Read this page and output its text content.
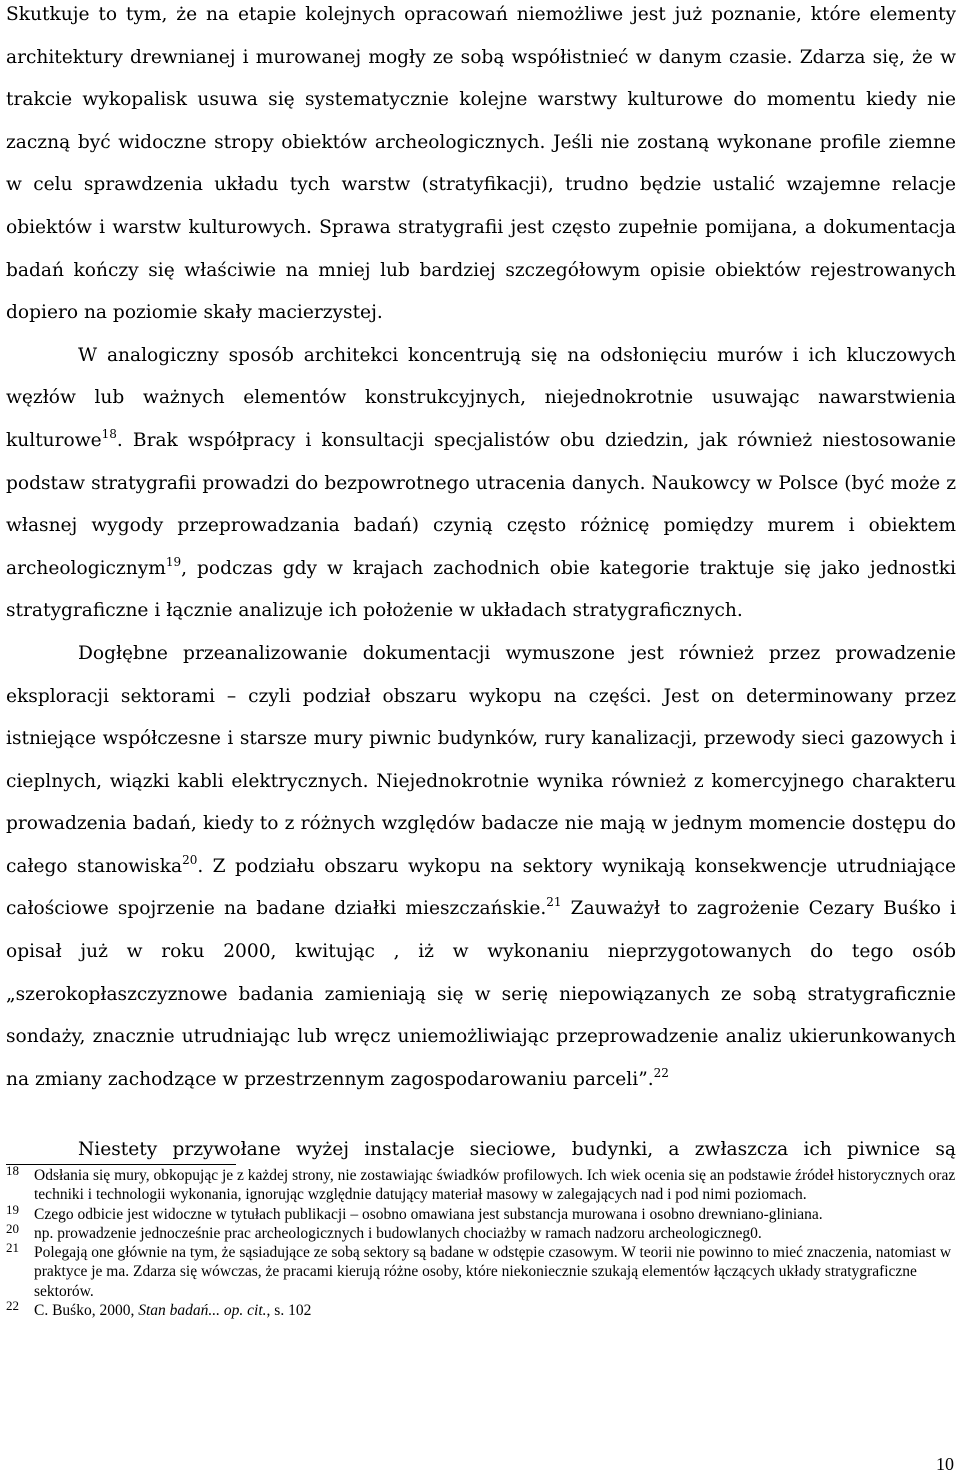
Skutkuje to tym, że na etapie kolejnych opracowań niemożliwe jest już poznanie, które elementy architektury drewnianej i murowanej mogły ze sobą współistnieć w danym czasie. Zdarza się, że w trakcie wykopalisk usuwa się systematycznie kolejne warstwy kulturowe do momentu kiedy nie zaczną być widoczne stropy obiektów archeologicznych. Jeśli nie zostaną wykonane profile ziemne w celu sprawdzenia układu tych warstw (stratyfikacji), trudno będzie ustalić wzajemne relacje obiektów i warstw kulturowych. Sprawa stratygrafii jest często zupełnie pomijana, a dokumentacja badań kończy się właściwie na mniej lub bardziej szczegółowym opisie obiektów rejestrowanych dopiero na poziomie skały macierzystej.

W analogiczny sposób architekci koncentrują się na odsłonięciu murów i ich kluczowych węzłów lub ważnych elementów konstrukcyjnych, niejednokrotnie usuwając nawarstwienia kulturowe$^{18}$. Brak współpracy i konsultacji specjalistów obu dziedzin, jak również niestosowanie podstaw stratygrafii prowadzi do bezpowrotnego utracenia danych. Naukowcy w Polsce (być może z własnej wygody przeprowadzania badań) czynią często różnicę pomiędzy murem i obiektem archeologicznym$^{19}$, podczas gdy w krajach zachodnich obie kategorie traktuje się jako jednostki stratygraficzne i łącznie analizuje ich położenie w układach stratygraficznych.

Dogłębne przeanalizowanie dokumentacji wymuszone jest również przez prowadzenie eksploracji sektorami – czyli podział obszaru wykopu na części. Jest on determinowany przez istniejące współczesne i starsze mury piwnic budynków, rury kanalizacji, przewody sieci gazowych i cieplnych, wiązki kabli elektrycznych. Niejednokrotnie wynika również z komercyjnego charakteru prowadzenia badań, kiedy to z różnych względów badacze nie mają w jednym momencie dostępu do całego stanowiska$^{20}$. Z podziału obszaru wykopu na sektory wynikają konsekwencje utrudniające całościowe spojrzenie na badane działki mieszczańskie.$^{21}$ Zauważył to zagrożenie Cezary Buśko i opisał już w roku 2000, kwitując , iż w wykonaniu nieprzygotowanych do tego osób „szerokopłaszczyznowe badania zamieniają się w serię niepowiązanych ze sobą stratygraficznie sondaży, znacznie utrudniając lub wręcz uniemożliwiając przeprowadzenie analiz ukierunkowanych na zmiany zachodzące w przestrzennym zagospodarowaniu parceli”.$^{22}$

Niestety przywołane wyżej instalacje sieciowe, budynki, a zwłaszcza ich piwnice są
18 Odsłania się mury, obkopując je z każdej strony, nie zostawiając świadków profilowych. Ich wiek ocenia się an podstawie źródeł historycznych oraz techniki i technologii wykonania, ignorując względnie datujący materiał masowy w zalegających nad i pod nimi poziomach.
19 Czego odbicie jest widoczne w tytułach publikacji – osobno omawiana jest substancja murowana i osobno drewniano-gliniana.
20 np. prowadzenie jednocześnie prac archeologicznych i budowlanych chociażby w ramach nadzoru archeologiczneg0.
21 Polegają one głównie na tym, że sąsiadujące ze sobą sektory są badane w odstępie czasowym. W teorii nie powinno to mieć znaczenia, natomiast w praktyce je ma. Zdarza się wówczas, że pracami kierują różne osoby, które niekoniecznie szukają elementów łączących układy stratygraficzne sektorów.
22 C. Buśko, 2000, Stan badań... op. cit., s. 102
10
